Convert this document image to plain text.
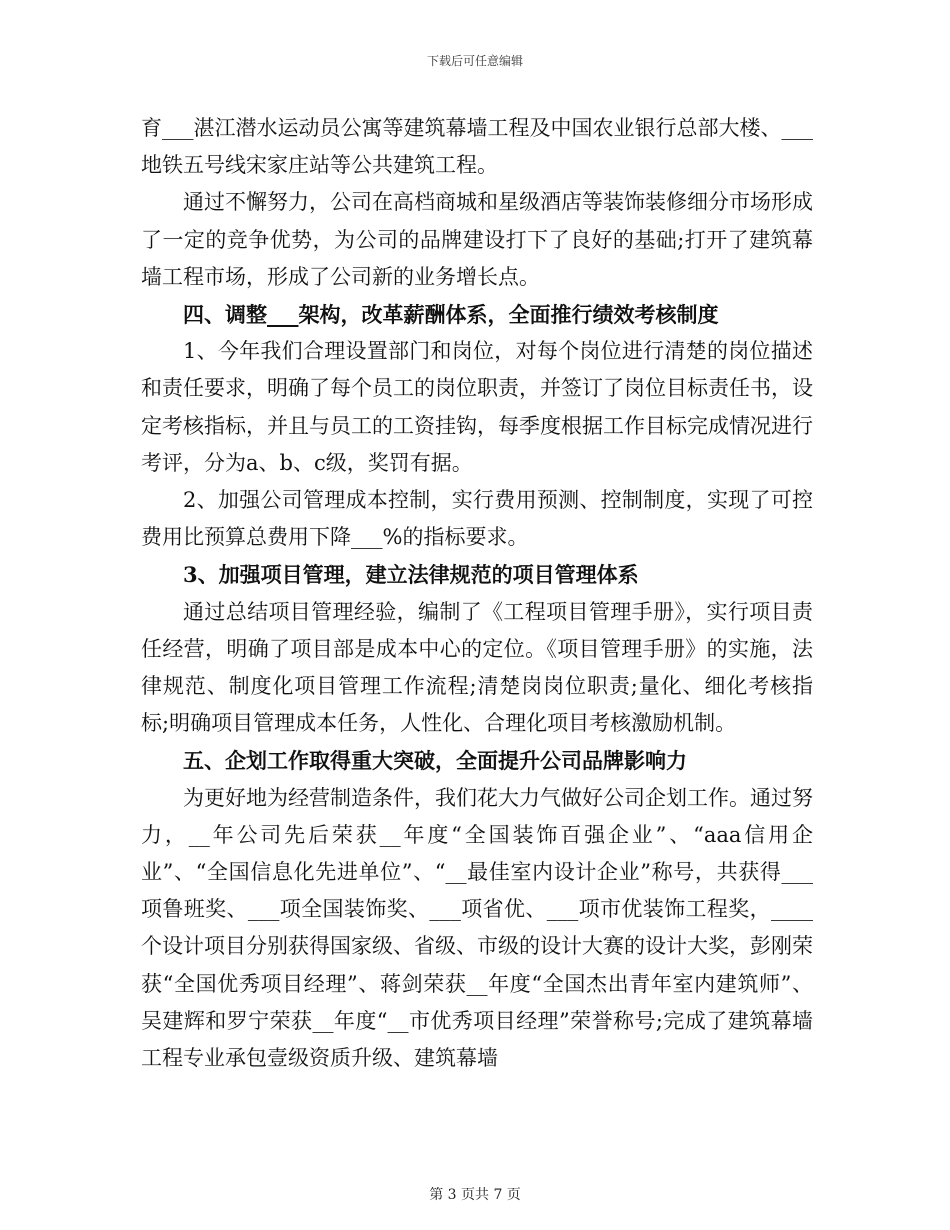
下载后可任意编辑

育___湛江潜水运动员公寓等建筑幕墙工程及中国农业银行总部大楼、___地铁五号线宋家庄站等公共建筑工程。

通过不懈努力，公司在高档商城和星级酒店等装饰装修细分市场形成了一定的竞争优势，为公司的品牌建设打下了良好的基础;打开了建筑幕墙工程市场，形成了公司新的业务增长点。

四、调整___架构，改革薪酬体系，全面推行绩效考核制度

1、今年我们合理设置部门和岗位，对每个岗位进行清楚的岗位描述和责任要求，明确了每个员工的岗位职责，并签订了岗位目标责任书，设定考核指标，并且与员工的工资挂钩，每季度根据工作目标完成情况进行考评，分为a、b、c级，奖罚有据。

2、加强公司管理成本控制，实行费用预测、控制制度，实现了可控费用比预算总费用下降___%的指标要求。

3、加强项目管理，建立法律规范的项目管理体系

通过总结项目管理经验，编制了《工程项目管理手册》，实行项目责任经营，明确了项目部是成本中心的定位。《项目管理手册》的实施，法律规范、制度化项目管理工作流程;清楚岗岗位职责;量化、细化考核指标;明确项目管理成本任务，人性化、合理化项目考核激励机制。

五、企划工作取得重大突破，全面提升公司品牌影响力

为更好地为经营制造条件，我们花大力气做好公司企划工作。通过努力，__年公司先后荣获__年度“全国装饰百强企业”、“aaa信用企业”、“全国信息化先进单位”、“__最佳室内设计企业”称号，共获得___项鲁班奖、___项全国装饰奖、___项省优、___项市优装饰工程奖，____个设计项目分别获得国家级、省级、市级的设计大赛的设计大奖，彭刚荣获“全国优秀项目经理”、蒋剑荣获__年度“全国杰出青年室内建筑师”、吴建辉和罗宁荣获__年度“__市优秀项目经理”荣誉称号;完成了建筑幕墙工程专业承包壹级资质升级、建筑幕墙

第 3 页共 7 页
